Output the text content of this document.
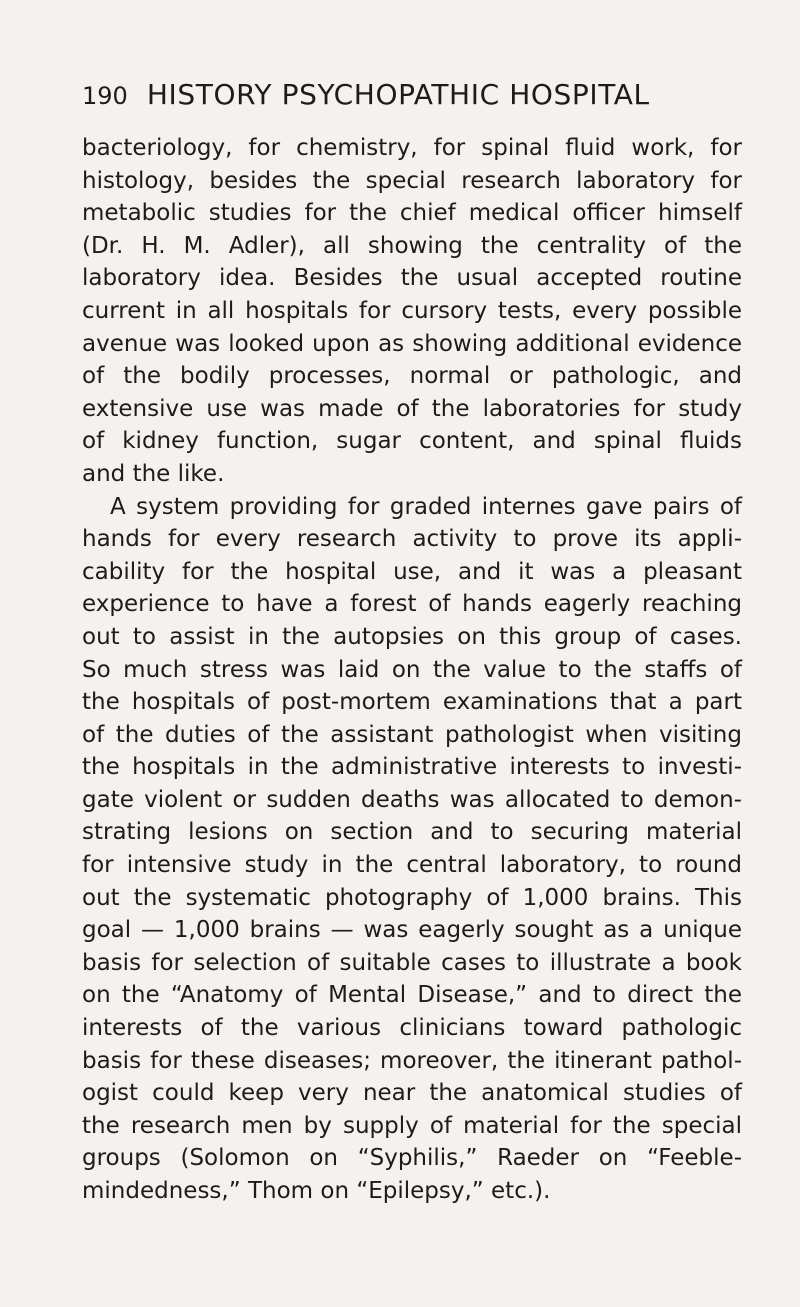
190 HISTORY PSYCHOPATHIC HOSPITAL
bacteriology, for chemistry, for spinal fluid work, for
histology, besides the special research laboratory for
metabolic studies for the chief medical officer himself
(Dr. H. M. Adler), all showing the centrality of the
laboratory idea. Besides the usual accepted routine
current in all hospitals for cursory tests, every possible
avenue was looked upon as showing additional evidence
of the bodily processes, normal or pathologic, and
extensive use was made of the laboratories for study
of kidney function, sugar content, and spinal fluids
and the like.
A system providing for graded internes gave pairs of
hands for every research activity to prove its appli-
cability for the hospital use, and it was a pleasant
experience to have a forest of hands eagerly reaching
out to assist in the autopsies on this group of cases.
So much stress was laid on the value to the staffs of
the hospitals of post-mortem examinations that a part
of the duties of the assistant pathologist when visiting
the hospitals in the administrative interests to investi-
gate violent or sudden deaths was allocated to demon-
strating lesions on section and to securing material
for intensive study in the central laboratory, to round
out the systematic photography of 1,000 brains. This
goal — 1,000 brains — was eagerly sought as a unique
basis for selection of suitable cases to illustrate a book
on the “Anatomy of Mental Disease,” and to direct the
interests of the various clinicians toward pathologic
basis for these diseases; moreover, the itinerant pathol-
ogist could keep very near the anatomical studies of
the research men by supply of material for the special
groups (Solomon on “Syphilis,” Raeder on “Feeble-
mindedness,” Thom on “Epilepsy,” etc.).
